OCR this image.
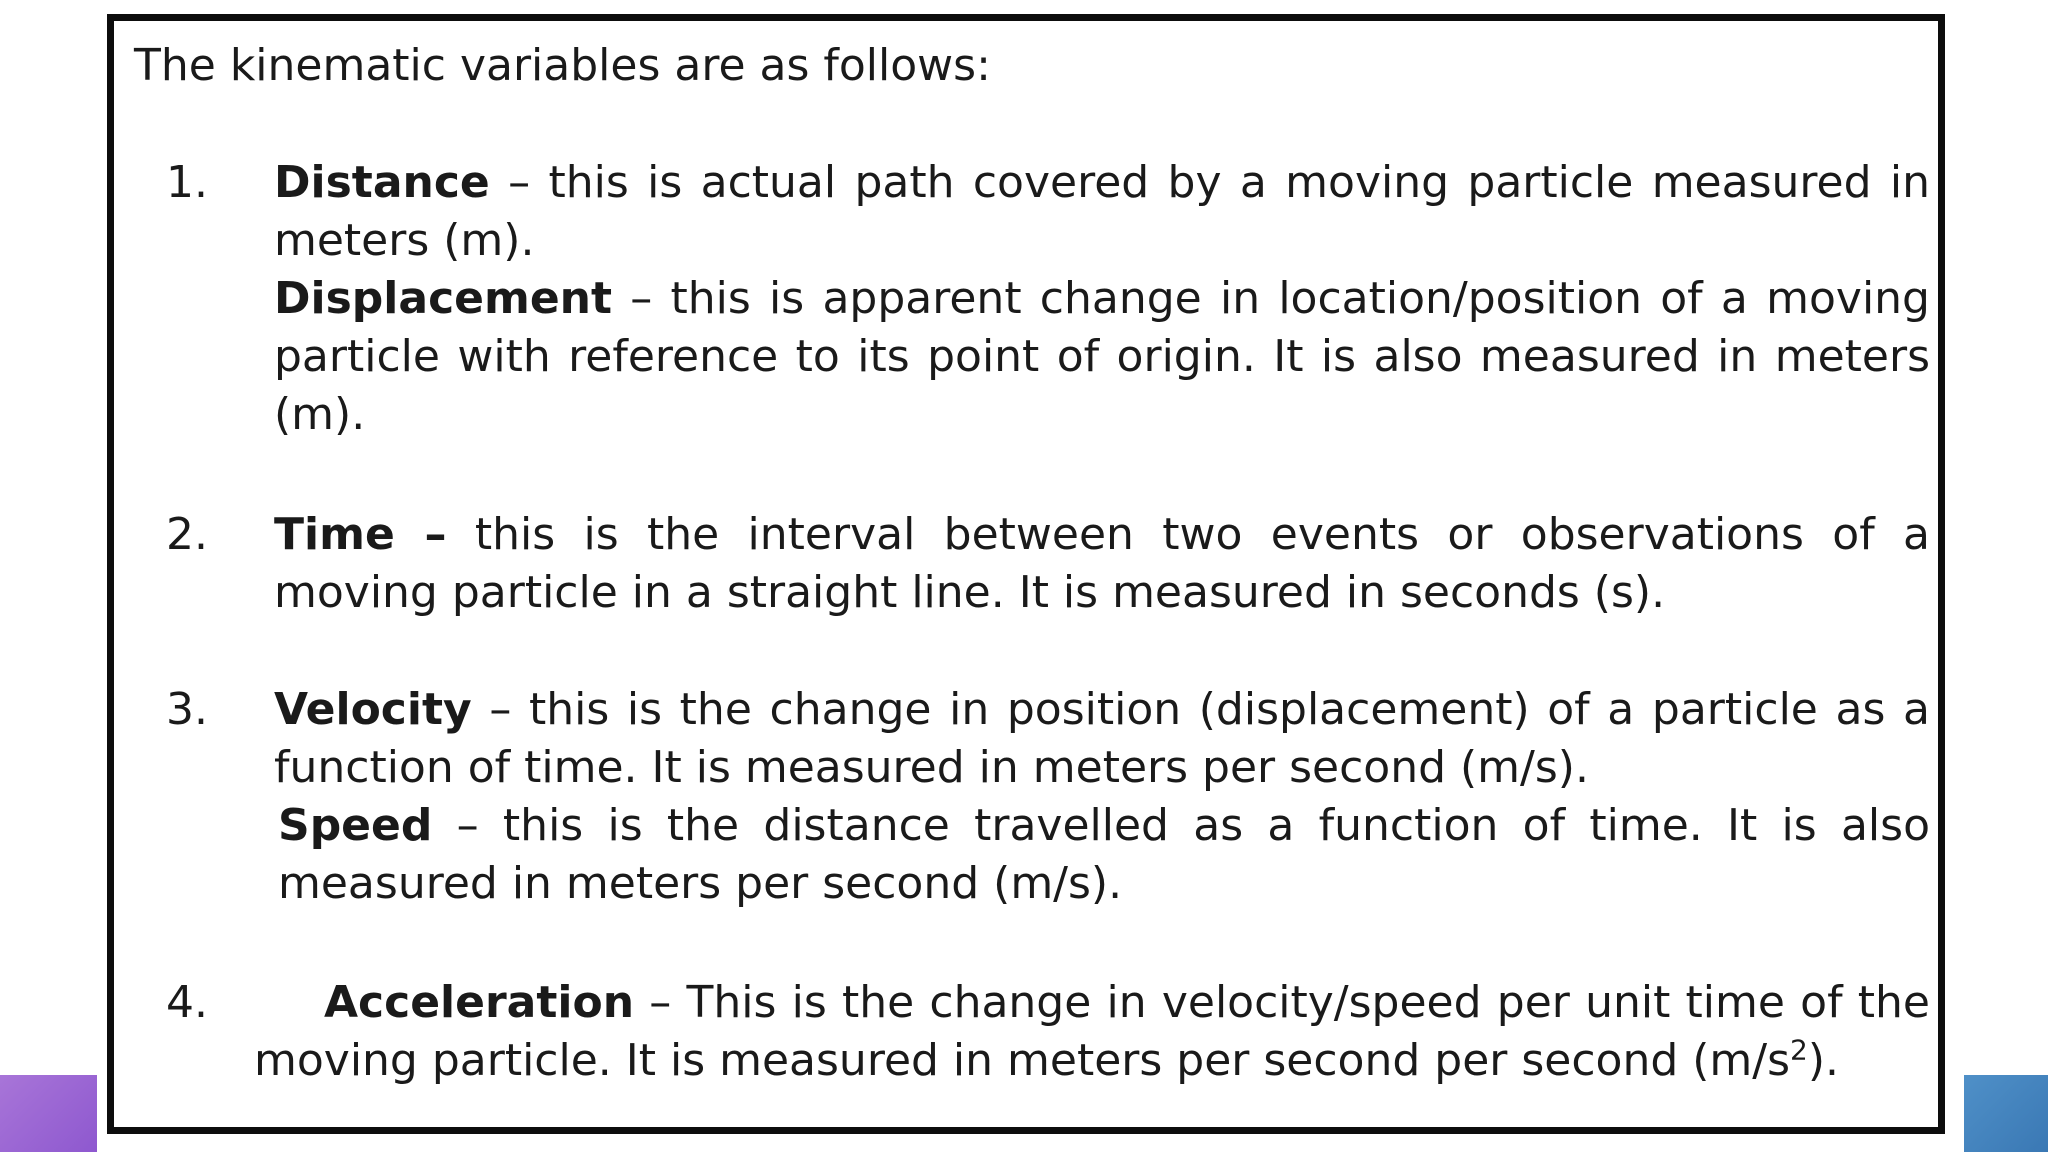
The kinematic variables are as follows:

1.	Distance – this is actual path covered by a moving particle measured in meters (m).

Displacement – this is apparent change in location/position of a moving particle with reference to its point of origin. It is also measured in meters (m).

2.	Time – this is the interval between two events or observations of a moving particle in a straight line. It is measured in seconds (s).

3.	Velocity – this is the change in position (displacement) of a particle as a function of time. It is measured in meters per second (m/s).

Speed – this is the distance travelled as a function of time. It is also measured in meters per second (m/s).

4.	Acceleration – This is the change in velocity/speed per unit time of the moving particle. It is measured in meters per second per second $(m/s^2)$.
